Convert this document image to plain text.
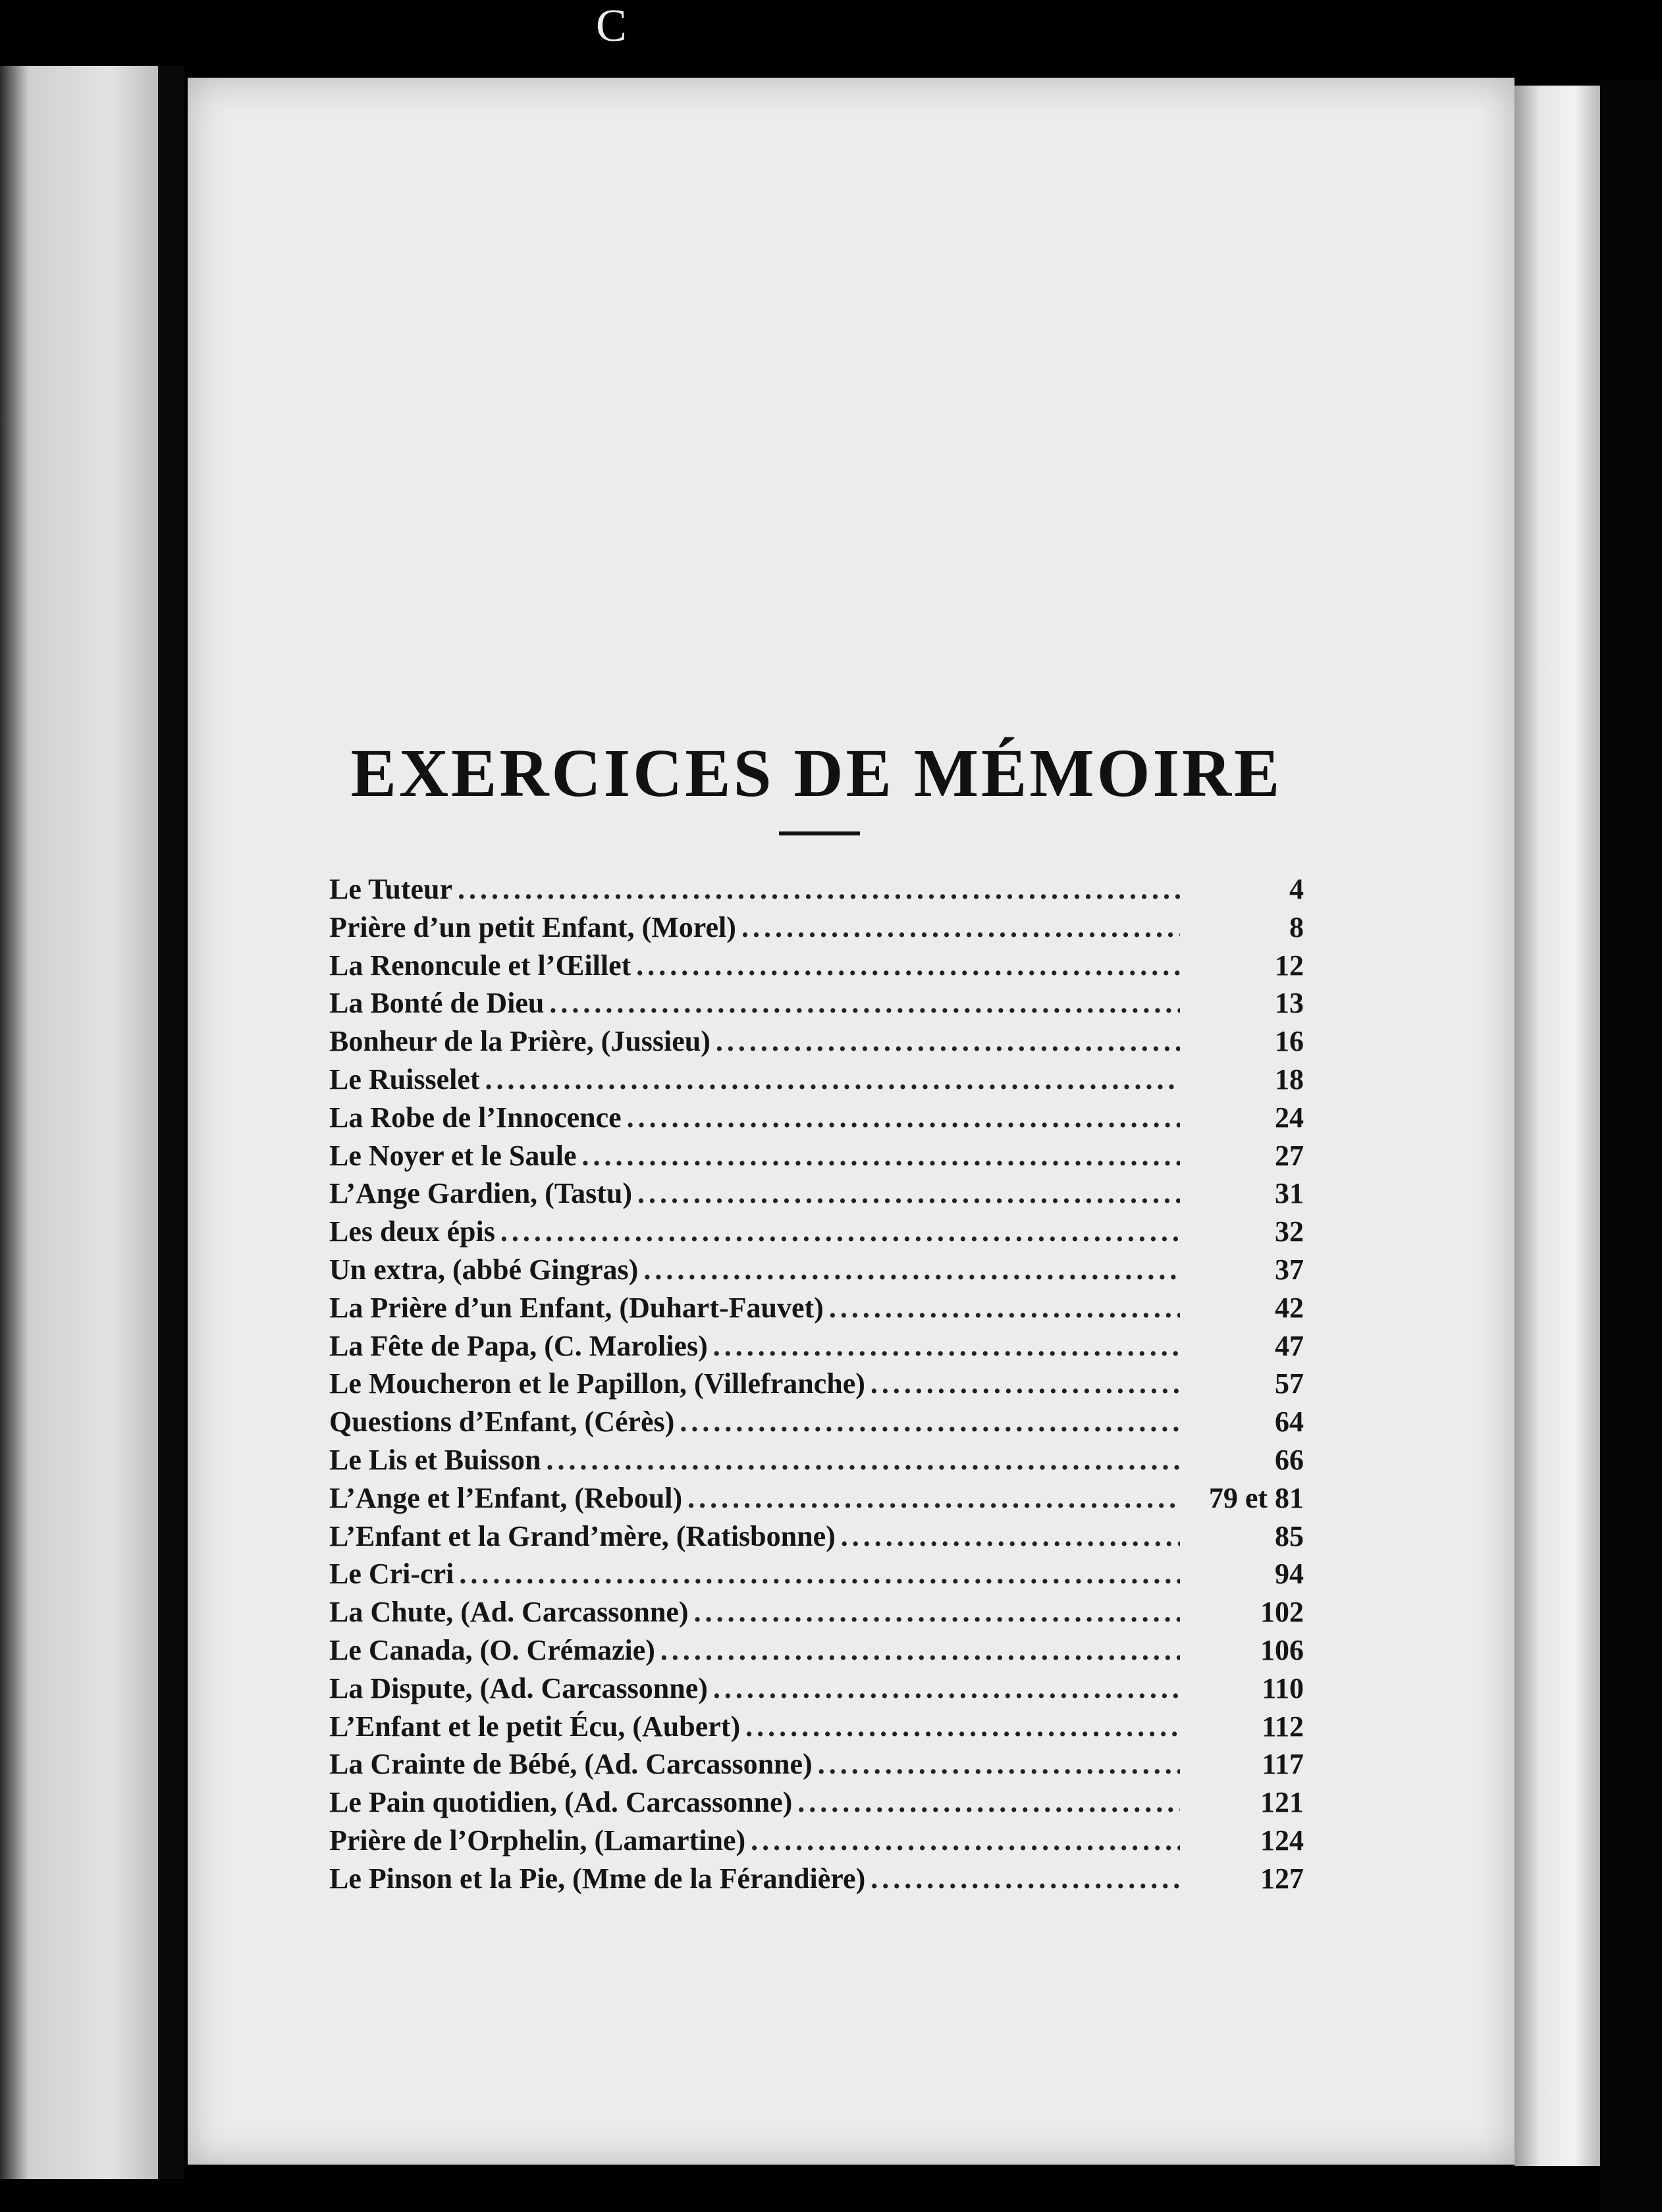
C
EXERCICES DE MÉMOIRE
Le Tuteur .....	4
Prière d’un petit Enfant, (Morel) .....	8
La Renoncule et l’Œillet .....	12
La Bonté de Dieu .....	13
Bonheur de la Prière, (Jussieu) .....	16
Le Ruisselet .....	18
La Robe de l’Innocence .....	24
Le Noyer et le Saule .....	27
L’Ange Gardien, (Tastu) .....	31
Les deux épis .....	32
Un extra, (abbé Gingras) .....	37
La Prière d’un Enfant, (Duhart-Fauvet) .....	42
La Fête de Papa, (C. Marolies) .....	47
Le Moucheron et le Papillon, (Villefranche) .....	57
Questions d’Enfant, (Cérès) .....	64
Le Lis et Buisson .....	66
L’Ange et l’Enfant, (Reboul) .....	79 et 81
L’Enfant et la Grand’mère, (Ratisbonne) .....	85
Le Cri-cri .....	94
La Chute, (Ad. Carcassonne) .....	102
Le Canada, (O. Crémazie) .....	106
La Dispute, (Ad. Carcassonne) .....	110
L’Enfant et le petit Écu, (Aubert) .....	112
La Crainte de Bébé, (Ad. Carcassonne) .....	117
Le Pain quotidien, (Ad. Carcassonne) .....	121
Prière de l’Orphelin, (Lamartine) .....	124
Le Pinson et la Pie, (Mme de la Férandière) .....	127
